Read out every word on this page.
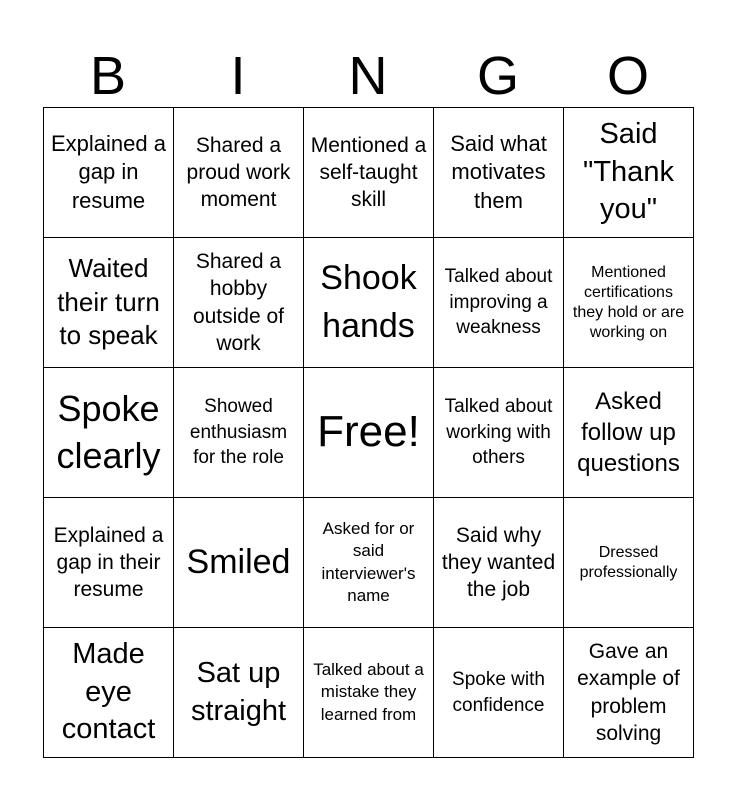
B	I	N	G	O
Explained a gap in resume	Shared a proud work moment	Mentioned a self-taught skill	Said what motivates them	Said "Thank you"
Waited their turn to speak	Shared a hobby outside of work	Shook hands	Talked about improving a weakness	Mentioned certifications they hold or are working on
Spoke clearly	Showed enthusiasm for the role	Free!	Talked about working with others	Asked follow up questions
Explained a gap in their resume	Smiled	Asked for or said interviewer's name	Said why they wanted the job	Dressed professionally
Made eye contact	Sat up straight	Talked about a mistake they learned from	Spoke with confidence	Gave an example of problem solving
